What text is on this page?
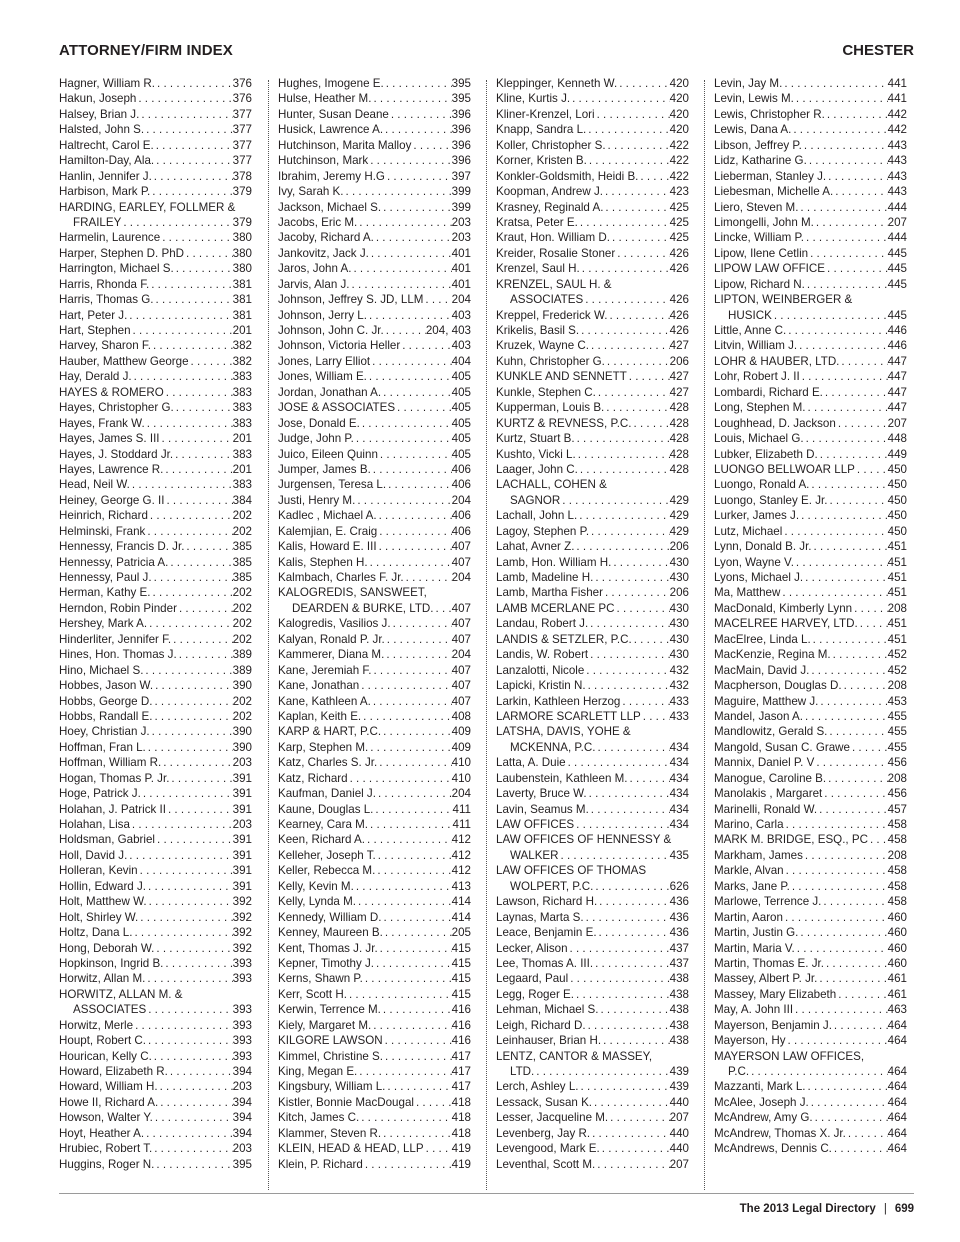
ATTORNEY/FIRM INDEX	CHESTER
Hagner, William R. . . .	376
Hakun, Joseph . . .	376
Halsey, Brian J. . . .	377
Halsted, John S. . . .	377
Haltrecht, Carol E. . . .	377
Hamilton-Day, Ala. . . .	377
Hanlin, Jennifer J. . . .	378
Harbison, Mark P. . . .	379
HARDING, EARLEY, FOLLMER &
FRAILEY . . .	379
Harmelin, Laurence . . .	380
Harper, Stephen D. PhD . . .	380
Harrington, Michael S. . . .	380
Harris, Rhonda F. . . .	381
Harris, Thomas G. . . .	381
Hart, Peter J. . . .	381
Hart, Stephen . . .	201
Harvey, Sharon F. . . .	382
Hauber, Matthew George . . .	382
Hay, Derald J. . . .	383
HAYES & ROMERO . . .	383
Hayes, Christopher G. . . .	383
Hayes, Frank W. . . .	383
Hayes, James S. III . . .	201
Hayes, J. Stoddard Jr. . . .	383
Hayes, Lawrence R. . . .	201
Head, Neil W. . . .	383
Heiney, George G. II . . .	384
Heinrich, Richard . . .	202
Helminski, Frank . . .	202
Hennessy, Francis D. Jr. . . .	385
Hennessy, Patricia A. . . .	385
Hennessy, Paul J. . . .	385
Herman, Kathy E. . . .	202
Herndon, Robin Pinder . . .	202
Hershey, Mark A. . . .	202
Hinderliter, Jennifer F. . . .	202
Hines, Hon. Thomas J. . . .	389
Hino, Michael S. . . .	389
Hobbes, Jason W. . . .	390
Hobbs, George D. . . .	202
Hobbs, Randall E. . . .	202
Hoey, Christian J. . . .	390
Hoffman, Fran L. . . .	390
Hoffman, William R. . . .	203
Hogan, Thomas P. Jr. . . .	391
Hoge, Patrick J. . . .	391
Holahan, J. Patrick II . . .	391
Holahan, Lisa . . .	203
Holdsman, Gabriel . . .	391
Holl, David J. . . .	391
Holleran, Kevin . . .	391
Hollin, Edward J. . . .	391
Holt, Matthew W. . . .	392
Holt, Shirley W. . . .	392
Holtz, Dana L. . . .	392
Hong, Deborah W. . . .	392
Hopkinson, Ingrid B. . . .	393
Horwitz, Allan M. . . .	393
HORWITZ, ALLAN M. &
ASSOCIATES . . .	393
Horwitz, Merle . . .	393
Houpt, Robert C. . . .	393
Hourican, Kelly C. . . .	393
Howard, Elizabeth R. . . .	394
Howard, William H. . . .	203
Howe II, Richard A. . . .	394
Howson, Walter Y. . . .	394
Hoyt, Heather A. . . .	394
Hrubiec, Robert T. . . .	203
Huggins, Roger N. . . .	395
Hughes, Imogene E. . . .	395
Hulse, Heather M. . . .	395
Hunter, Susan Deane . . .	396
Husick, Lawrence A. . . .	396
Hutchinson, Marita Malloy . . .	396
Hutchinson, Mark . . .	396
Ibrahim, Jeremy H.G . . .	397
Ivy, Sarah K. . . .	399
Jackson, Michael S. . . .	399
Jacobs, Eric M. . . .	203
Jacoby, Richard A. . . .	203
Jankovitz, Jack J. . . .	401
Jaros, John A. . . .	401
Jarvis, Alan J. . . .	401
Johnson, Jeffrey S. JD, LLM . . . 204
Johnson, Jerry L. . . .	403
Johnson, John C. Jr. . . .	204, 403
Johnson, Victoria Heller . . .	403
Jones, Larry Elliot . . .	404
Jones, William E. . . .	405
Jordan, Jonathan A. . . .	405
JOSE & ASSOCIATES . . .	405
Jose, Donald E. . . .	405
Judge, John P. . . .	405
Juico, Eileen Quinn . . .	405
Jumper, James B. . . .	406
Jurgensen, Teresa L. . . .	406
Justi, Henry M. . . .	204
Kadlec , Michael A. . . .	406
Kalemjian, E. Craig . . .	406
Kalis, Howard E. III . . .	407
Kalis, Stephen H. . . .	407
Kalmbach, Charles F. Jr. . . .	204
KALOGREDIS, SANSWEET,
DEARDEN & BURKE, LTD. . . . 407
Kalogredis, Vasilios J. . . .	407
Kalyan, Ronald P. Jr. . . .	407
Kammerer, Diana M. . . .	204
Kane, Jeremiah F. . . .	407
Kane, Jonathan . . .	407
Kane, Kathleen A. . . .	407
Kaplan, Keith E. . . .	408
KARP & HART, P.C. . . .	409
Karp, Stephen M. . . .	409
Katz, Charles S. Jr. . . .	410
Katz, Richard . . .	410
Kaufman, Daniel J. . . .	204
Kaune, Douglas L. . . .	411
Kearney, Cara M. . . .	411
Keen, Richard A. . . .	412
Kelleher, Joseph T. . . .	412
Keller, Rebecca M. . . .	412
Kelly, Kevin M. . . .	413
Kelly, Lynda M. . . .	414
Kennedy, William D. . . .	414
Kenney, Maureen B. . . .	205
Kent, Thomas J. Jr. . . .	415
Kepner, Timothy J. . . .	415
Kerns, Shawn P. . . .	415
Kerr, Scott H. . . .	415
Kerwin, Terrence M. . . .	416
Kiely, Margaret M. . . .	416
KILGORE LAWSON . . .	416
Kimmel, Christine S. . . .	417
King, Megan E. . . .	417
Kingsbury, William L. . . .	417
Kistler, Bonnie MacDougal . . .	418
Kitch, James C. . . .	418
Klammer, Steven R. . . .	418
KLEIN, HEAD & HEAD, LLP . . . 419
Klein, P. Richard . . .	419
Kleppinger, Kenneth W. . . .	420
Kline, Kurtis J. . . .	420
Kliner-Krenzel, Lori . . .	420
Knapp, Sandra L. . . .	420
Koller, Christopher S. . . .	422
Korner, Kristen B. . . .	422
Konkler-Goldsmith, Heidi B. . . .	422
Koopman, Andrew J. . . .	423
Krasney, Reginald A. . . .	425
Kratsa, Peter E. . . .	425
Kraut, Hon. William D. . . .	425
Kreider, Rosalie Stoner . . .	426
Krenzel, Saul H. . . .	426
KRENZEL, SAUL H. &
ASSOCIATES . . .	426
Kreppel, Frederick W. . . .	426
Krikelis, Basil S. . . .	426
Kruzek, Wayne C. . . .	427
Kuhn, Christopher G. . . .	206
KUNKLE AND SENNETT . . .	427
Kunkle, Stephen C. . . .	427
Kupperman, Louis B. . . .	428
KURTZ & REVNESS, P.C. . . .	428
Kurtz, Stuart B. . . .	428
Kushto, Vicki L. . . .	428
Laager, John C. . . .	428
LACHALL, COHEN &
SAGNOR . . .	429
Lachall, John L. . . .	429
Lagoy, Stephen P. . . .	429
Lahat, Avner Z. . . .	206
Lamb, Hon. William H. . . .	430
Lamb, Madeline H. . . .	430
Lamb, Martha Fisher . . .	206
LAMB MCERLANE PC . . .	430
Landau, Robert J. . . .	430
LANDIS & SETZLER, P.C. . . .	430
Landis, W. Robert . . .	430
Lanzalotti, Nicole . . .	432
Lapicki, Kristin N. . . .	432
Larkin, Kathleen Herzog . . .	433
LARMORE SCARLETT LLP . . . 433
LATSHA, DAVIS, YOHE &
MCKENNA, P.C. . . .	434
Latta, A. Duie . . .	434
Laubenstein, Kathleen M. . . .	434
Laverty, Bruce W. . . .	434
Lavin, Seamus M. . . .	434
LAW OFFICES . . .	434
LAW OFFICES OF HENNESSY &
WALKER . . .	435
LAW OFFICES OF THOMAS
WOLPERT, P.C. . . .	626
Lawson, Richard H. . . .	436
Laynas, Marta S. . . .	436
Leace, Benjamin E. . . .	436
Lecker, Alison . . .	437
Lee, Thomas A. III. . . .	437
Legaard, Paul . . .	438
Legg, Roger E. . . .	438
Lehman, Michael S. . . .	438
Leigh, Richard D. . . .	438
Leinhauser, Brian H. . . .	438
LENTZ, CANTOR & MASSEY,
LTD. . . .	439
Lerch, Ashley L. . . .	439
Lessack, Susan K. . . .	440
Lesser, Jacqueline M. . . .	207
Levenberg, Jay R. . . .	440
Levengood, Mark E. . . .	440
Leventhal, Scott M. . . .	207
Levin, Jay M. . . .	441
Levin, Lewis M. . . .	441
Lewis, Christopher R. . . .	442
Lewis, Dana A. . . .	442
Libson, Jeffrey P. . . .	443
Lidz, Katharine G. . . .	443
Lieberman, Stanley J. . . .	443
Liebesman, Michelle A. . . .	443
Liero, Steven M. . . .	444
Limongelli, John M. . . .	207
Lincke, William P. . . .	444
Lipow, Ilene Cetlin . . .	445
LIPOW LAW OFFICE . . .	445
Lipow, Richard N. . . .	445
LIPTON, WEINBERGER &
HUSICK . . .	445
Little, Anne C. . . .	446
Litvin, William J. . . .	446
LOHR & HAUBER, LTD. . . .	447
Lohr, Robert J. II . . .	447
Lombardi, Richard E. . . .	447
Long, Stephen M. . . .	447
Loughhead, D. Jackson . . .	207
Louis, Michael G. . . .	448
Lubker, Elizabeth D. . . .	449
LUONGO BELLWOAR LLP . . .	450
Luongo, Ronald A. . . .	450
Luongo, Stanley E. Jr. . . .	450
Lurker, James J. . . .	450
Lutz, Michael . . .	450
Lynn, Donald B. Jr. . . .	451
Lyon, Wayne V. . . .	451
Lyons, Michael J. . . .	451
Ma, Matthew . . .	451
MacDonald, Kimberly Lynn . . .	208
MACELREE HARVEY, LTD. . . .	451
MacElree, Linda L. . . .	451
MacKenzie, Regina M. . . .	452
MacMain, David J. . . .	452
Macpherson, Douglas D. . . .	208
Maguire, Matthew J. . . .	453
Mandel, Jason A. . . .	455
Mandlowitz, Gerald S. . . .	455
Mangold, Susan C. Grawe . . .	455
Mannix, Daniel P. V . . .	456
Manogue, Caroline B. . . .	208
Manolakis , Margaret . . .	456
Marinelli, Ronald W. . . .	457
Marino, Carla . . .	458
MARK M. BRIDGE, ESQ., PC . . . 458
Markham, James . . .	208
Markle, Alvan . . .	458
Marks, Jane P. . . .	458
Marlowe, Terrence J. . . .	458
Martin, Aaron . . .	460
Martin, Justin G. . . .	460
Martin, Maria V. . . .	460
Martin, Thomas E. Jr. . . .	460
Massey, Albert P. Jr. . . .	461
Massey, Mary Elizabeth . . .	461
May, A. John III . . .	463
Mayerson, Benjamin J. . . .	464
Mayerson, Hy . . .	464
MAYERSON LAW OFFICES,
P.C. . . .	464
Mazzanti, Mark L. . . .	464
McAlee, Joseph J. . . .	464
McAndrew, Amy G. . . .	464
McAndrew, Thomas X. Jr. . . .	464
McAndrews, Dennis C. . . .	464
The 2013 Legal Directory | 699
